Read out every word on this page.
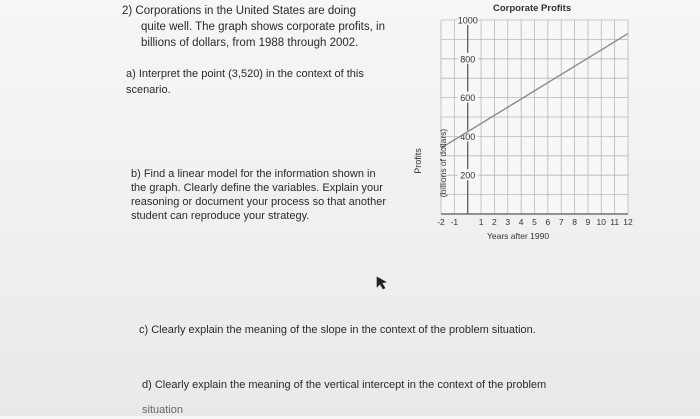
2) Corporations in the United States are doing
quite well. The graph shows corporate profits, in
billions of dollars, from 1988 through 2002.
a) Interpret the point (3,520) in the context of this
scenario.
b) Find a linear model for the information shown in
the graph. Clearly define the variables. Explain your
reasoning or document your process so that another
student can reproduce your strategy.
c) Clearly explain the meaning of the slope in the context of the problem situation.
d) Clearly explain the meaning of the vertical intercept in the context of the problem
situation
200
400
600
800
1000
-2 -1 1 2 3 4 5 6 7 8 9 10 11 12
Corporate Profits
Years after 1990
(billions of dollars)
Profits
